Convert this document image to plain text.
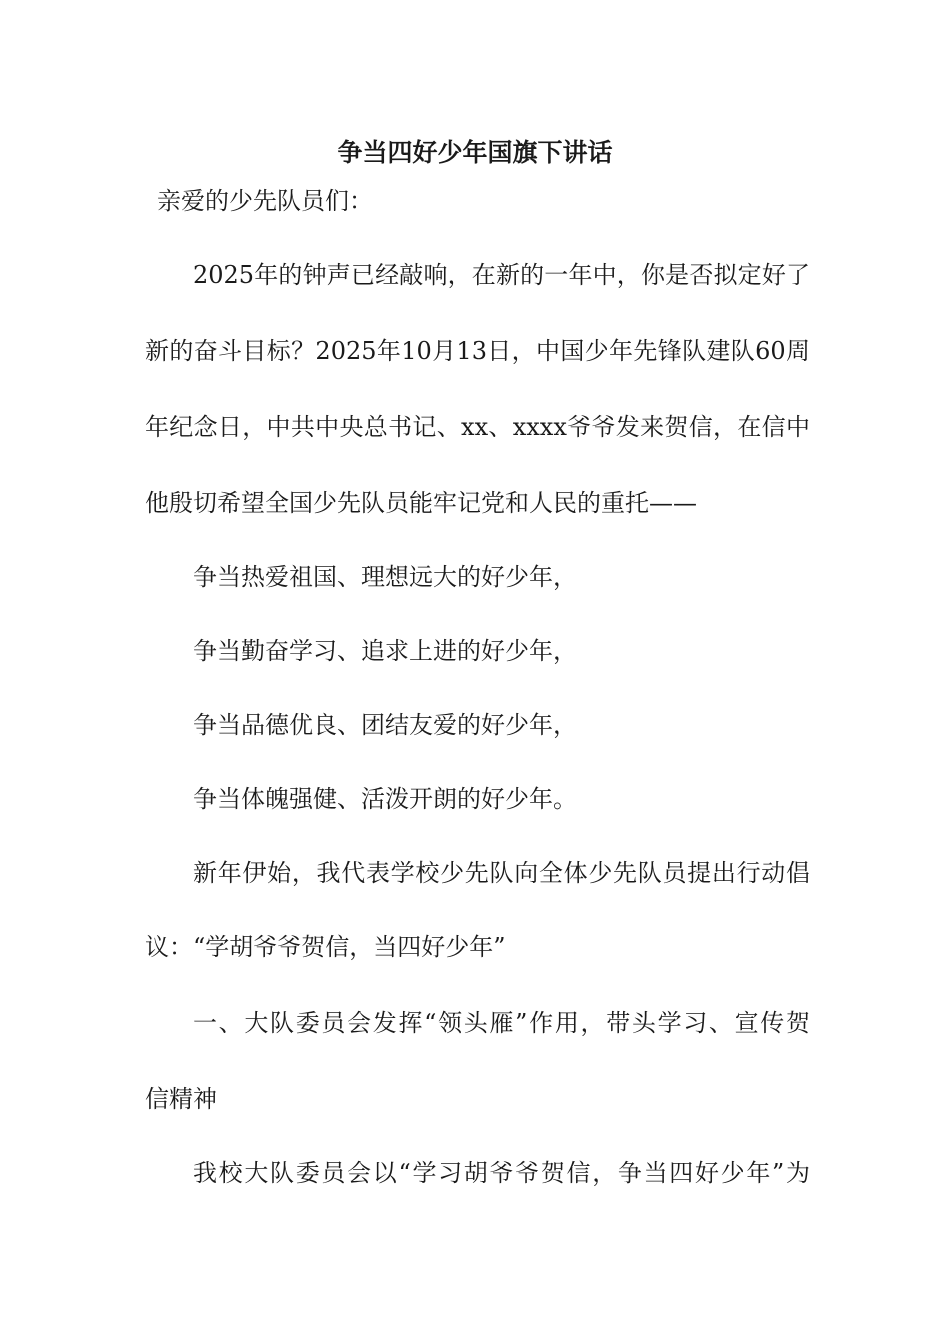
争当四好少年国旗下讲话
亲爱的少先队员们：
2025年的钟声已经敲响，在新的一年中，你是否拟定好了
新的奋斗目标？2025年10月13日，中国少年先锋队建队60周
年纪念日，中共中央总书记、xx、xxxx爷爷发来贺信，在信中
他殷切希望全国少先队员能牢记党和人民的重托——
争当热爱祖国、理想远大的好少年，
争当勤奋学习、追求上进的好少年，
争当品德优良、团结友爱的好少年，
争当体魄强健、活泼开朗的好少年。
新年伊始，我代表学校少先队向全体少先队员提出行动倡
议：“学胡爷爷贺信，当四好少年”
一、大队委员会发挥“领头雁”作用，带头学习、宣传贺
信精神
我校大队委员会以“学习胡爷爷贺信，争当四好少年”为
